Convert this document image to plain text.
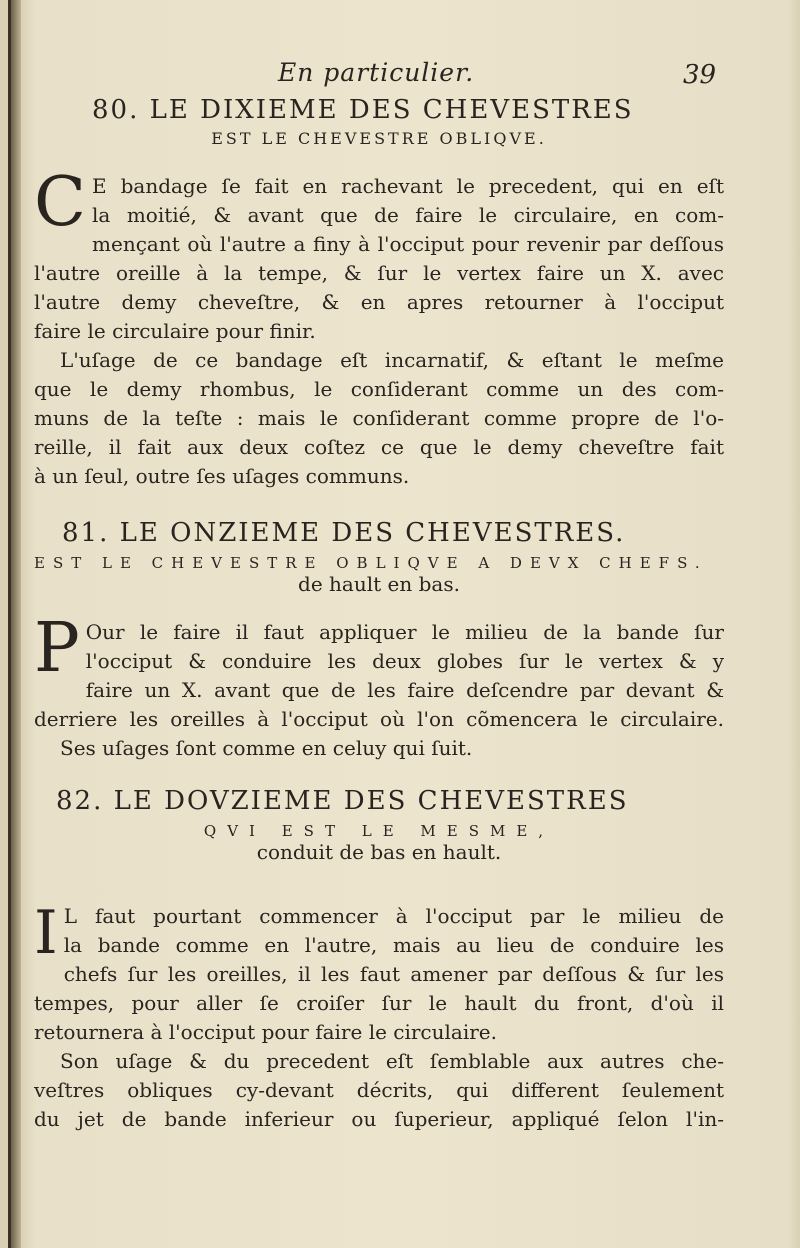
En particulier.	39
80. LE DIXIEME DES CHEVESTRES
EST LE CHEVESTRE OBLIQVE.
C E bandage ſe fait en rachevant le precedent, qui en eſt
la moitié, & avant que de faire le circulaire, en com-
mençant où l'autre a finy à l'occiput pour revenir par deſſous
l'autre oreille à la tempe, & ſur le vertex faire un X. avec
l'autre demy cheveſtre, & en apres retourner à l'occiput
faire le circulaire pour finir.
L'uſage de ce bandage eſt incarnatif, & eſtant le meſme
que le demy rhombus, le conſiderant comme un des com-
muns de la teſte : mais le conſiderant comme propre de l'o-
reille, il fait aux deux coſtez ce que le demy cheveſtre fait
à un ſeul, outre ſes uſages communs.
81. LE ONZIEME DES CHEVESTRES.
EST LE CHEVESTRE OBLIQVE A DEVX CHEFS.
de hault en bas.
P Our le faire il faut appliquer le milieu de la bande ſur
l'occiput & conduire les deux globes ſur le vertex & y
faire un X. avant que de les faire deſcendre par devant &
derriere les oreilles à l'occiput où l'on cõmencera le circulaire.
Ses uſages ſont comme en celuy qui ſuit.
82. LE DOVZIEME DES CHEVESTRES
QVI EST LE MESME,
conduit de bas en hault.
I L faut pourtant commencer à l'occiput par le milieu de
la bande comme en l'autre, mais au lieu de conduire les
chefs ſur les oreilles, il les faut amener par deſſous & ſur les
tempes, pour aller ſe croiſer ſur le hault du front, d'où il
retournera à l'occiput pour faire le circulaire.
Son uſage & du precedent eſt ſemblable aux autres che-
veſtres obliques cy-devant décrits, qui different ſeulement
du jet de bande inferieur ou ſuperieur, appliqué ſelon l'in-
